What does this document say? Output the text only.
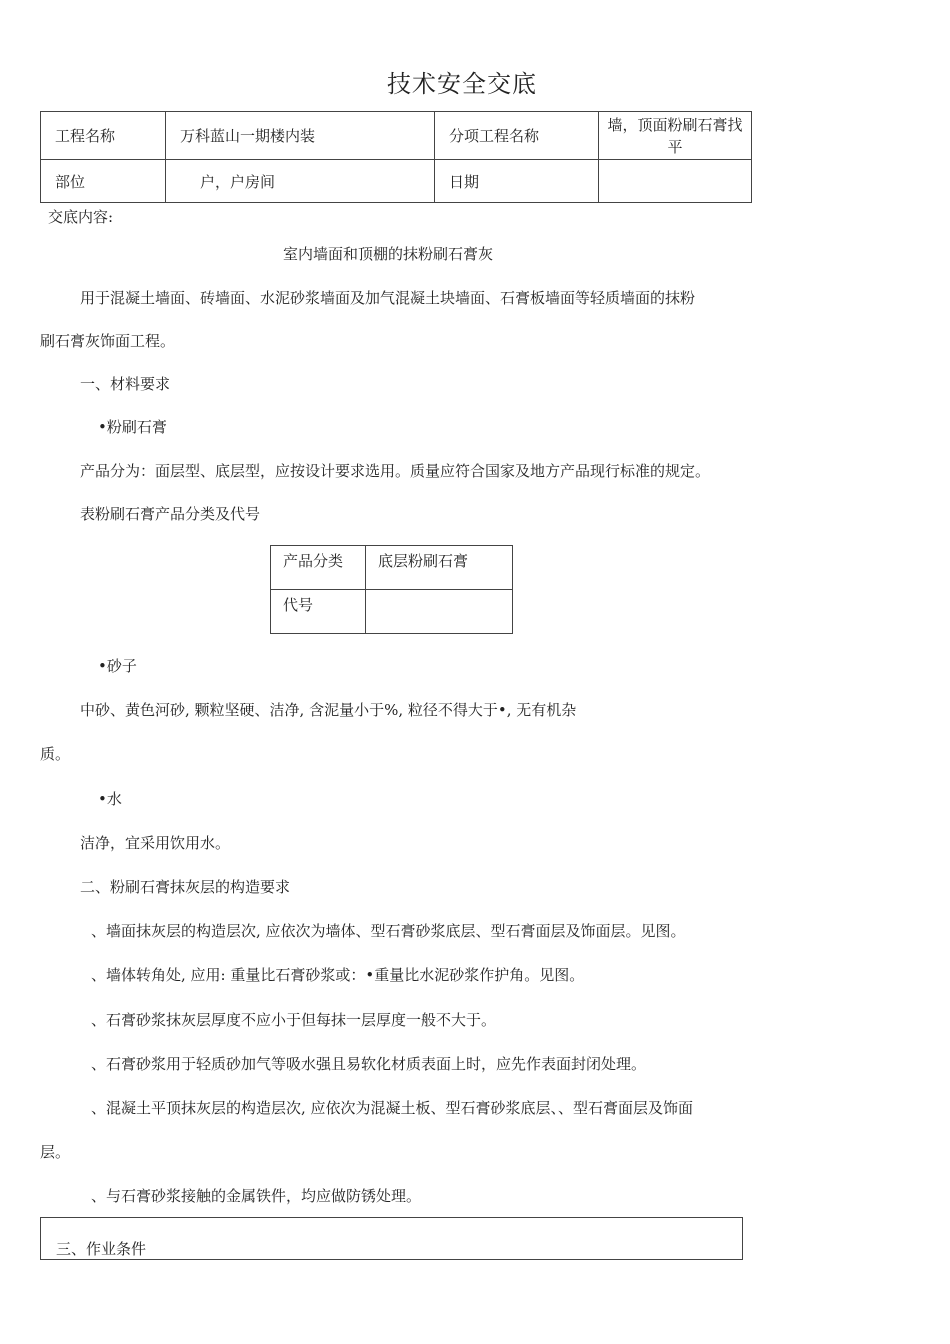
技术安全交底
工程名称	万科蓝山一期楼内装	分项工程名称	墙，顶面粉刷石膏找平
部位	户，户房间	日期	
交底内容:
室内墙面和顶棚的抹粉刷石膏灰
用于混凝土墙面、砖墙面、水泥砂浆墙面及加气混凝土块墙面、石膏板墙面等轻质墙面的抹粉
刷石膏灰饰面工程。
一、材料要求
•粉刷石膏
产品分为：面层型、底层型，应按设计要求选用。质量应符合国家及地方产品现行标准的规定。
表粉刷石膏产品分类及代号
产品分类	底层粉刷石膏
代号	
•砂子
中砂、黄色河砂, 颗粒坚硬、洁净, 含泥量小于%, 粒径不得大于•, 无有机杂
质。
•水
洁净，宜采用饮用水。
二、粉刷石膏抹灰层的构造要求
、墙面抹灰层的构造层次, 应依次为墙体、型石膏砂浆底层、型石膏面层及饰面层。见图。
、墙体转角处, 应用: 重量比石膏砂浆或：•重量比水泥砂浆作护角。见图。
、石膏砂浆抹灰层厚度不应小于但每抹一层厚度一般不大于。
、石膏砂浆用于轻质砂加气等吸水强且易软化材质表面上时，应先作表面封闭处理。
、混凝土平顶抹灰层的构造层次, 应依次为混凝土板、型石膏砂浆底层、、型石膏面层及饰面
层。
、与石膏砂浆接触的金属铁件，均应做防锈处理。
三、作业条件
